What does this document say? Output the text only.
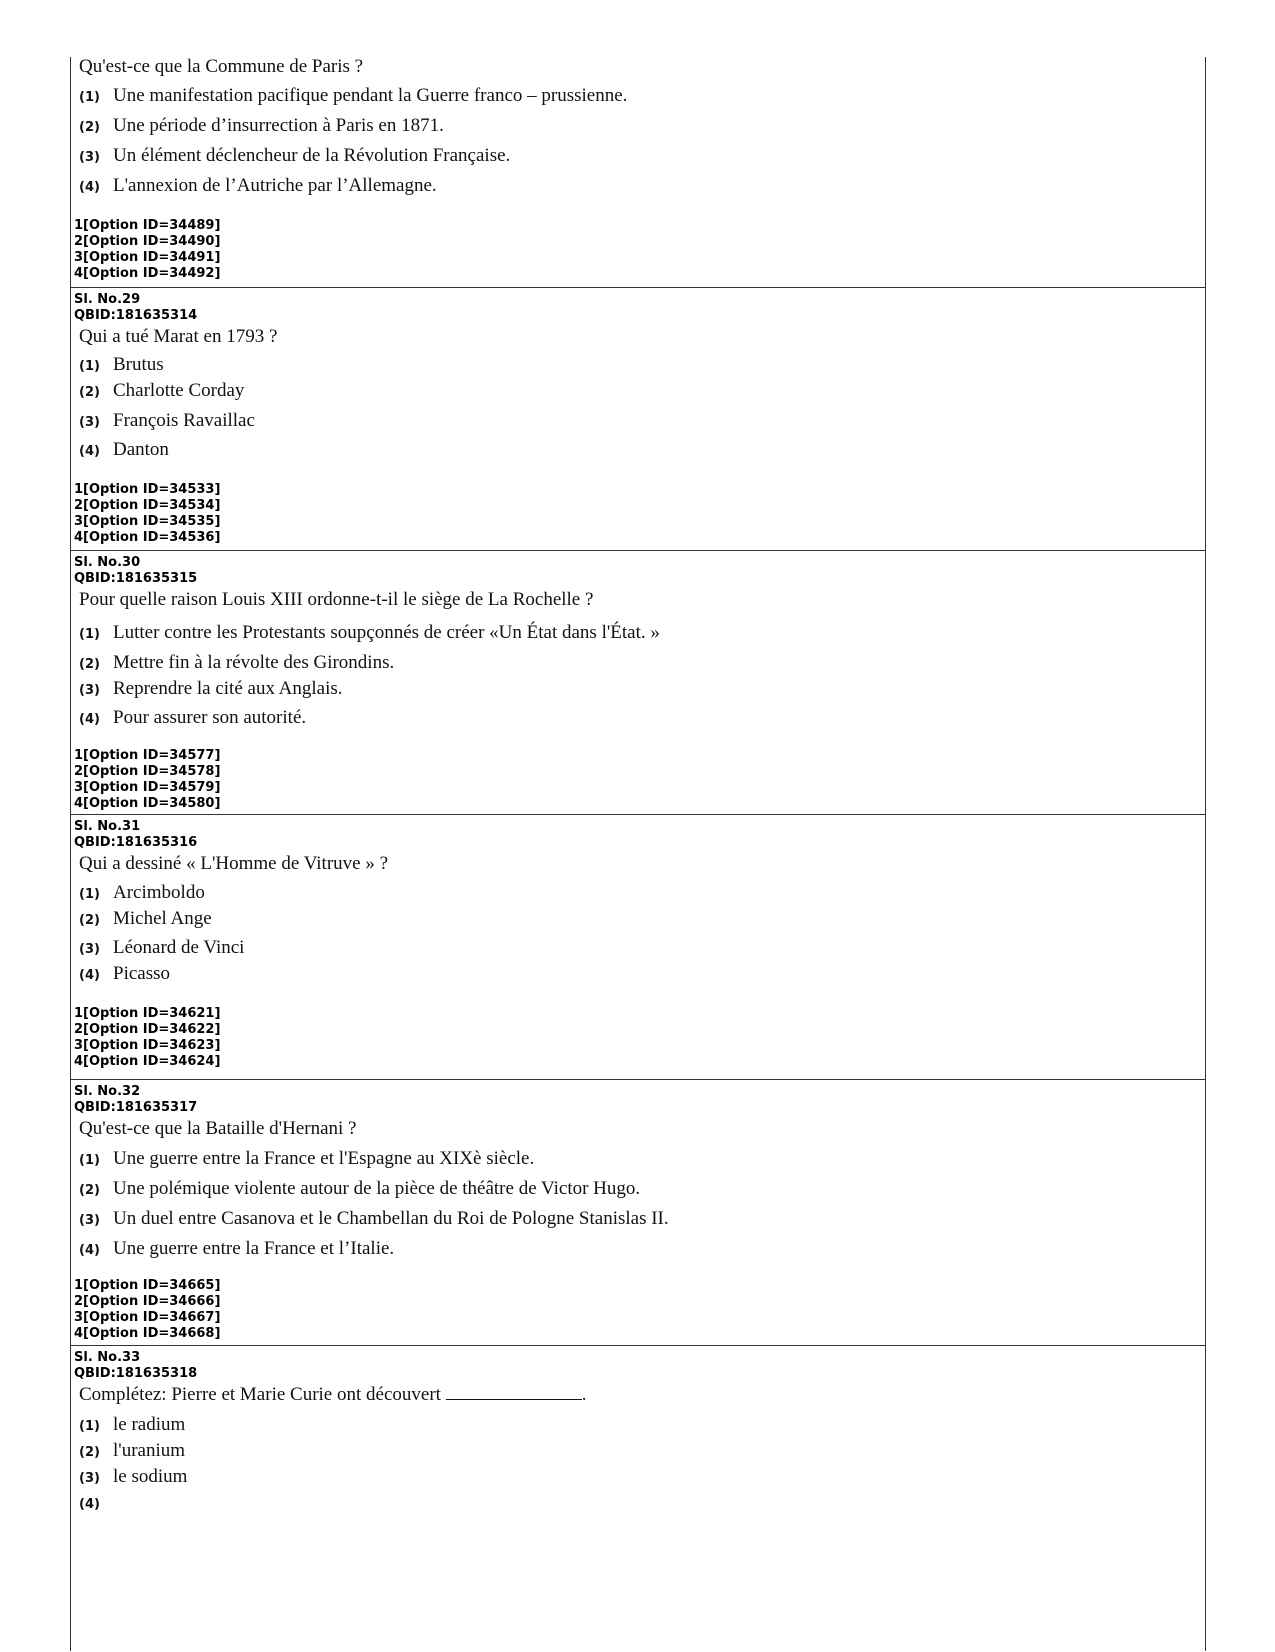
Qu'est-ce que la Commune de Paris ?
(1) Une manifestation pacifique pendant la Guerre franco – prussienne.
(2) Une période d’insurrection à Paris en 1871.
(3) Un élément déclencheur de la Révolution Française.
(4) L'annexion de l’Autriche par l’Allemagne.
1[Option ID=34489]
2[Option ID=34490]
3[Option ID=34491]
4[Option ID=34492]
Sl. No.29
QBID:181635314
Qui a tué Marat en 1793 ?
(1) Brutus
(2) Charlotte Corday
(3) François Ravaillac
(4) Danton
1[Option ID=34533]
2[Option ID=34534]
3[Option ID=34535]
4[Option ID=34536]
Sl. No.30
QBID:181635315
Pour quelle raison Louis XIII ordonne-t-il le siège de La Rochelle ?
(1) Lutter contre les Protestants soupçonnés de créer «Un État dans l'État. »
(2) Mettre fin à la révolte des Girondins.
(3) Reprendre la cité aux Anglais.
(4) Pour assurer son autorité.
1[Option ID=34577]
2[Option ID=34578]
3[Option ID=34579]
4[Option ID=34580]
Sl. No.31
QBID:181635316
Qui a dessiné « L'Homme de Vitruve » ?
(1) Arcimboldo
(2) Michel Ange
(3) Léonard de Vinci
(4) Picasso
1[Option ID=34621]
2[Option ID=34622]
3[Option ID=34623]
4[Option ID=34624]
Sl. No.32
QBID:181635317
Qu'est-ce que la Bataille d'Hernani ?
(1) Une guerre entre la France et l'Espagne au XIXè siècle.
(2) Une polémique violente autour de la pièce de théâtre de Victor Hugo.
(3) Un duel entre Casanova et le Chambellan du Roi de Pologne Stanislas II.
(4) Une guerre entre la France et l’Italie.
1[Option ID=34665]
2[Option ID=34666]
3[Option ID=34667]
4[Option ID=34668]
Sl. No.33
QBID:181635318
Complétez: Pierre et Marie Curie ont découvert	.
(1) le radium
(2) l'uranium
(3) le sodium
(4)
